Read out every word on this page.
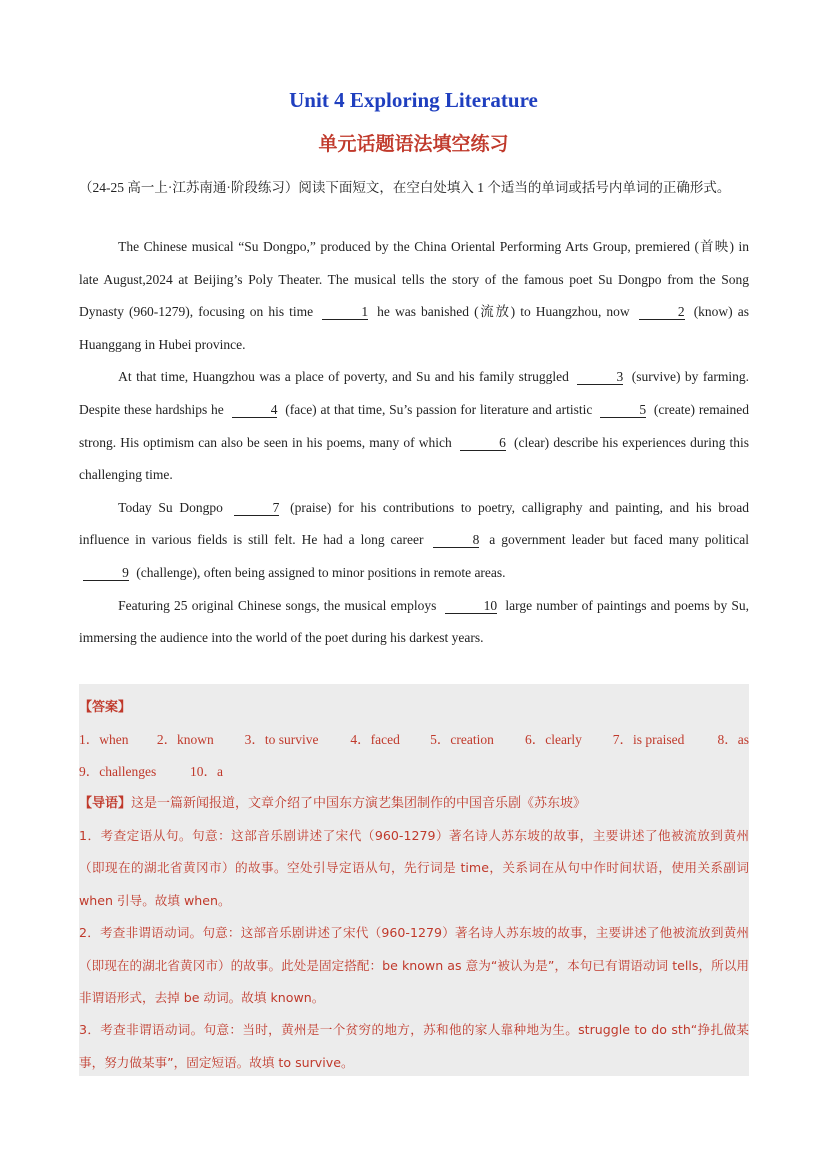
Unit 4 Exploring Literature
单元话题语法填空练习
（24-25 高一上·江苏南通·阶段练习）阅读下面短文，在空白处填入 1 个适当的单词或括号内单词的正确形式。

The Chinese musical “Su Dongpo,” produced by the China Oriental Performing Arts Group, premiered (首映) in late August,2024 at Beijing’s Poly Theater. The musical tells the story of the famous poet Su Dongpo from the Song Dynasty (960-1279), focusing on his time	1 he was banished (流放) to Huangzhou, now	2 (know) as Huanggang in Hubei province.

At that time, Huangzhou was a place of poverty, and Su and his family struggled	3 (survive) by farming. Despite these hardships he	4 (face) at that time, Su’s passion for literature and artistic	5 (create) remained strong. His optimism can also be seen in his poems, many of which	6 (clear) describe his experiences during this challenging time.

Today Su Dongpo	7 (praise) for his contributions to poetry, calligraphy and painting, and his broad influence in various fields is still felt. He had a long career	8 a government leader but faced many political 9 (challenge), often being assigned to minor positions in remote areas.

Featuring 25 original Chinese songs, the musical employs	10 large number of paintings and poems by Su, immersing the audience into the world of the poet during his darkest years.

【答案】
1．when	2．known	3．to survive	4．faced	5．creation	6．clearly	7．is praised	8．as
9．challenges	10．a
【导语】这是一篇新闻报道，文章介绍了中国东方演艺集团制作的中国音乐剧《苏东坡》
1．考查定语从句。句意：这部音乐剧讲述了宋代（960-1279）著名诗人苏东坡的故事，主要讲述了他被流放到黄州（即现在的湖北省黄冈市）的故事。空处引导定语从句，先行词是 time，关系词在从句中作时间状语，使用关系副词 when 引导。故填 when。
2．考查非谓语动词。句意：这部音乐剧讲述了宋代（960-1279）著名诗人苏东坡的故事，主要讲述了他被流放到黄州（即现在的湖北省黄冈市）的故事。此处是固定搭配：be known as 意为“被认为是”，本句已有谓语动词 tells，所以用非谓语形式，去掉 be 动词。故填 known。
3．考查非谓语动词。句意：当时，黄州是一个贫穷的地方，苏和他的家人靠种地为生。struggle to do sth“挣扎做某事，努力做某事”，固定短语。故填 to survive。
